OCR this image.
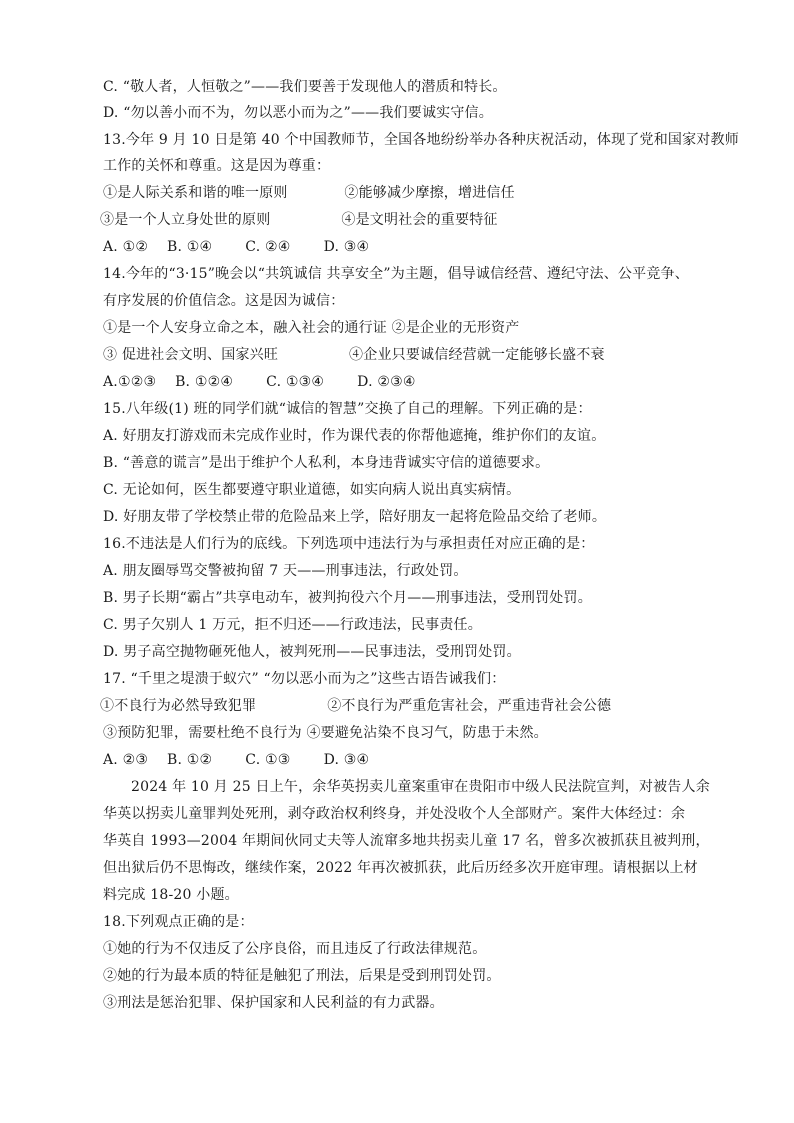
C. “敬人者，人恒敬之”——我们要善于发现他人的潜质和特长。
D. “勿以善小而不为，勿以恶小而为之”——我们要诚实守信。
13.今年 9 月 10 日是第 40 个中国教师节，全国各地纷纷举办各种庆祝活动，体现了党和国家对教师
工作的关怀和尊重。这是因为尊重：
①是人际关系和谐的唯一原则　　　　②能够减少摩擦，增进信任
③是一个人立身处世的原则　　　　　④是文明社会的重要特征
A. ①②　 B. ①④　　 C. ②④　　 D. ③④
14.今年的“3·15”晚会以“共筑诚信 共享安全”为主题，倡导诚信经营、遵纪守法、公平竞争、
有序发展的价值信念。这是因为诚信：
①是一个人安身立命之本，融入社会的通行证 ②是企业的无形资产
③ 促进社会文明、国家兴旺　　　　　④企业只要诚信经营就一定能够长盛不衰
A.①②③　 B. ①②④　　 C. ①③④　　 D. ②③④
15.八年级(1) 班的同学们就“诚信的智慧”交换了自己的理解。下列正确的是：
A. 好朋友打游戏而未完成作业时，作为课代表的你帮他遮掩，维护你们的友谊。
B. “善意的谎言”是出于维护个人私利，本身违背诚实守信的道德要求。
C. 无论如何，医生都要遵守职业道德，如实向病人说出真实病情。
D. 好朋友带了学校禁止带的危险品来上学，陪好朋友一起将危险品交给了老师。
16.不违法是人们行为的底线。下列选项中违法行为与承担责任对应正确的是：
A. 朋友圈辱骂交警被拘留 7 天——刑事违法，行政处罚。
B. 男子长期“霸占”共享电动车，被判拘役六个月——刑事违法，受刑罚处罚。
C. 男子欠别人 1 万元，拒不归还——行政违法，民事责任。
D. 男子高空抛物砸死他人，被判死刑——民事违法，受刑罚处罚。
17. “千里之堤溃于蚁穴” “勿以恶小而为之”这些古语告诫我们：
①不良行为必然导致犯罪　　　　　②不良行为严重危害社会，严重违背社会公德
③预防犯罪，需要杜绝不良行为 ④要避免沾染不良习气，防患于未然。
A. ②③　 B. ①②　　 C. ①③　　 D. ③④
2024 年 10 月 25 日上午，余华英拐卖儿童案重审在贵阳市中级人民法院宣判，对被告人余
华英以拐卖儿童罪判处死刑，剥夺政治权利终身，并处没收个人全部财产。案件大体经过：余
华英自 1993—2004 年期间伙同丈夫等人流窜多地共拐卖儿童 17 名，曾多次被抓获且被判刑，
但出狱后仍不思悔改，继续作案，2022 年再次被抓获，此后历经多次开庭审理。请根据以上材
料完成 18-20 小题。
18.下列观点正确的是：
①她的行为不仅违反了公序良俗，而且违反了行政法律规范。
②她的行为最本质的特征是触犯了刑法，后果是受到刑罚处罚。
③刑法是惩治犯罪、保护国家和人民利益的有力武器。
